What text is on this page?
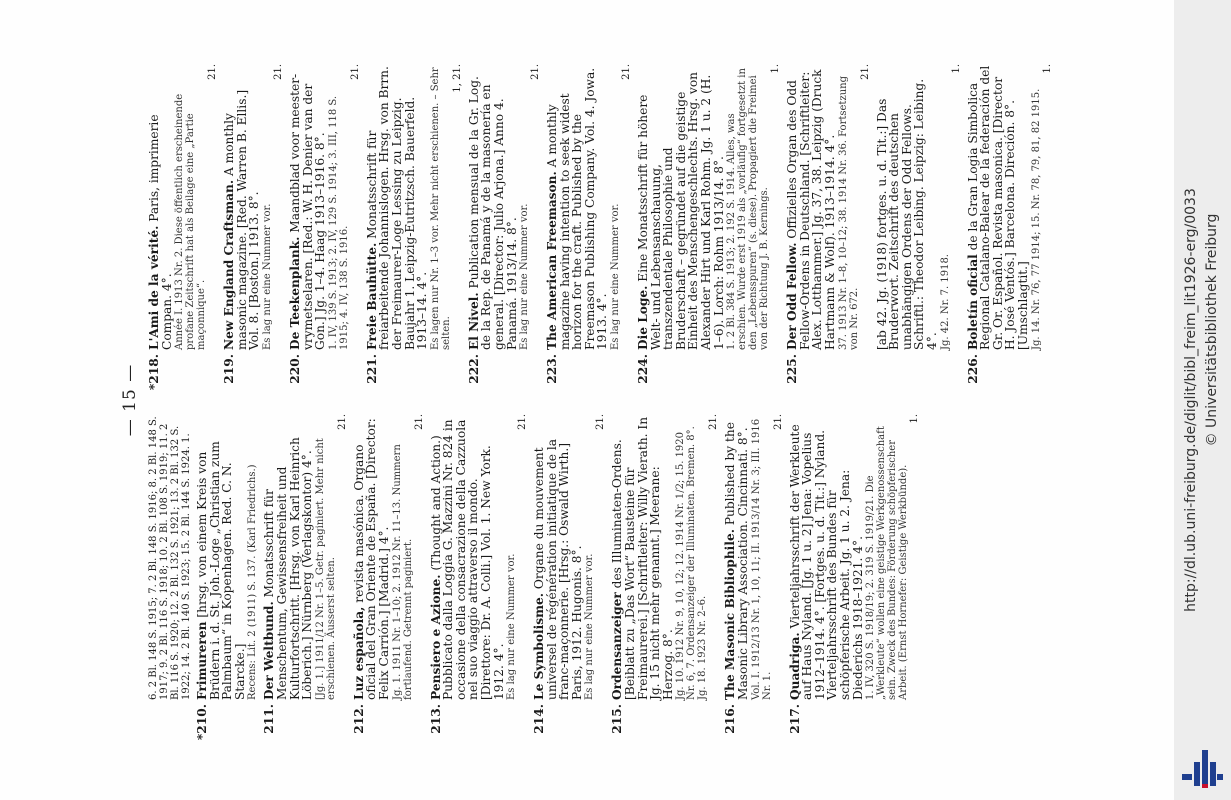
— 15 —
6. 2 Bl. 148 S. 1915; 7. 2 Bl. 148 S. 1916; 8. 2 Bl. 148 S. 1917; 9. 2 Bl. 116 S. 1918; 10. 2 Bl. 108 S. 1919; 11. 2 Bl. 116 S. 1920; 12. 2 Bl. 132 S. 1921; 13. 2 Bl. 132 S. 1922; 14. 2 Bl. 140 S. 1923; 15. 2 Bl. 144 S. 1924. 1.
*210.
Frimureren [hrsg. von einem Kreis von Brüdern i. d. St. Joh.-Loge „Christian zum Palmbaum“ in Kopenhagen. Red. C. N. Starcke.] Recens: Lit. 2 (1911) S. 137. (Karl Friedrichs.)
211.
Der Weltbund. Monatsschrift für Menschentum, Gewissensfreiheit und Kulturfortschritt. [Hrsg. von Karl Heinrich Löberich.] Nürnberg (Verlagskontor) 4°. [Jg. 1.] 1911/12 Nr. 1–5. Getr. paginiert. Mehr nicht erschienen. Äusserst selten.
21.
212.
Luz española, revista masónica. Organo oficial del Gran Oriente de España. [Director: Felix Carrión.] [Madrid.] 4°. Jg. 1. 1911 Nr. 1–10; 2. 1912 Nr. 11–13. Nummern fortlaufend. Getrennt paginiert.
21.
213.
Pensiero e Azione. (Thought and Action.) Pubblicato dalla Loggia G. Mazzini Nr. 824 in occasione della consacrazione della Cazzuola nel suo viaggio attraverso il mondo. [Direttore: Dr. A. Colli.] Vol. 1. New York. 1912. 4°. Es lag nur eine Nummer vor.
21.
214.
Le Symbolisme. Organe du mouvement universel de régénération initiatique de la franc-maçonnerie. [Hrsg.: Oswald Wirth.] Paris, 1912. Hugonis. 8°. Es lag nur eine Nummer vor.
21.
215.
Ordensanzeiger des Illuminaten-Ordens. [Beiblatt zu „Das Wort“ Bausteine für Freimaurerei.] [Schriftleiter: Willy Vierath. In Jg. 15 nicht mehr genannt.] Meerane: Herzog. 8°. Jg. 10. 1912 Nr. 9, 10, 12; 12. 1914 Nr. 1/2; 15. 1920 Nr. 6, 7. Ordensanzeiger der Illuminaten. Bremen. 8°. Jg. 18. 1923 Nr. 2–6.
21.
216.
The Masonic Bibliophile. Published by the Masonic Library Association. Cincinnati. 8°. Vol. I. 1912/13 Nr. 1, 10, 11; II. 1913/14 Nr. 3; III. 1916 Nr. 1.
21.
217.
Quadriga. Vierteljahrsschrift der Werkleute auf Haus Nyland. [Jg. 1 u. 2] Jena: Vopelius 1912–1914. 4°. [Fortges. u. d. Tit.:] Nyland. Vierteljahrsschrift des Bundes für schöpferische Arbeit. Jg. 1 u. 2. Jena: Diederichs 1918–1921. 4°. 1. IV, 320 S. 1918/19; 2. 319 S. 1919/21. Die „Werkleute“ wollen eine geistige Werkgenossenschaft sein. Zweck des Bundes: Förderung schöpferischer Arbeit. (Ernst Hornefer: Geistige Werkbünde).
1.
*218.
L'Ami de la vérité. Paris, imprimerie Compan. 4°. Année I. 1913 Nr. 2. Diese öffentlich erscheinende profane Zeitschrift hat als Beilage eine „Partie maçonnique“.
21.
219.
New England Craftsman. A monthly masonic magazine. [Red. Warren B. Ellis.] Vol. 8. [Boston.] 1913. 8°. Es lag nur eine Nummer vor.
21.
220.
De Teekenplank. Maandblad voor meester-vrymetselaren. [Red.: W. H. Denier van der Gon.] Jg. 1–4. Haag 1913–1916. 8°. 1. IV, 139 S. 1913; 2. IV, 129 S. 1914; 3. III, 118 S. 1915; 4. IV, 138 S. 1916.
21.
221.
Freie Bauhütte. Monatsschrift für freiarbeitende Johannislogen. Hrsg. von Brrn. der Freimaurer-Loge Lessing zu Leipzig. Baujahr 1. Leipzig-Eutritzsch. Bauerfeld. 1913–14. 4°. Es lagen nur Nr. 1–3 vor. Mehr nicht erschienen. – Sehr selten.
1, 21.
222.
El Nivel. Publication mensual de la Gr. Log. de la Rep. de Panamá y de la masonería en general. [Director: Julio Arjona.] Anno 4. Panamá. 1913/14. 8°. Es lag nur eine Nummer vor.
21.
223.
The American Freemason. A monthly magazine having intention to seek widest horizon for the craft. Published by the Freemason Publishing Company. Vol. 4. Jowa. 1913. 4°. Es lag nur eine Nummer vor.
21.
224.
Die Loge. Eine Monatsschrift für höhere Welt- und Lebensanschauung, transzendentale Philosophie und Bruderschaft – gegründet auf die geistige Einheit des Menschengeschlechts. Hrsg. von Alexander Hirt und Karl Rohm. Jg. 1 u. 2 (H. 1–6). Lorch: Rohm 1913/14. 8°. 1. 2 Bl. 384 S. 1913; 2. 192 S. 1914. Alles, was erschien. Wurde erst 1919 als „vorläufig“ fortgesetzt in den „Lebensspuren“ (s. diese). Propagiert die Freimei von der Richtung J. B. Kernings.
1.
225.
Der Odd Fellow. Offizielles Organ des Odd Fellow-Ordens in Deutschland. [Schriftleiter: Alex. Lotthammer.] Jg. 37, 38. Leipzig (Druck Hartmann & Wolf). 1913–1914. 4°. 37. 1913 Nr. 1–8, 10–12; 38. 1914 Nr. 36. Fortsetzung von Nr. 672.
21.
[ab 42. Jg. (1918) fortges. u. d. Tit.:] Das Bruderwort. Zeitschrift des deutschen unabhängigen Ordens der Odd Fellows. Schriftl.: Theodor Leibing. Leipzig: Leibing. 4°. Jg. 42. Nr. 7. 1918.
1.
226.
Boletín oficial de la Gran Logia Simbolica Regional Catalano-Balear de la federación del Gr. Or. Español. Revista masonica. [Director H. José Ventós.] Barcelona. Direción. 8°. [Umschlagtit.] Jg. 14. Nr. 76, 77 1914; 15. Nr. 78, 79, 81, 82 1915.
1.
http://dl.ub.uni-freiburg.de/diglit/bibl_freim_lit1926-erg/0033 © Universitätsbibliothek Freiburg
